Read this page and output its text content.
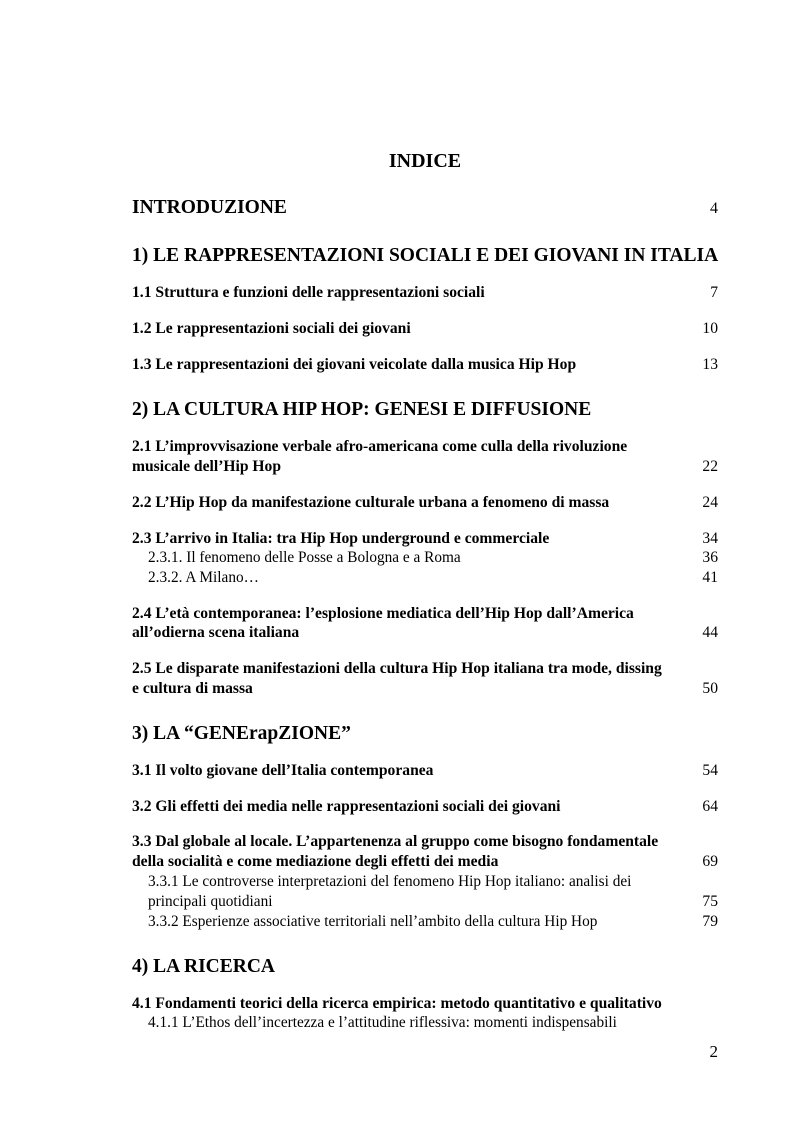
INDICE
INTRODUZIONE	4
1) LE RAPPRESENTAZIONI SOCIALI E DEI GIOVANI IN ITALIA
1.1 Struttura e funzioni delle rappresentazioni sociali	7
1.2 Le rappresentazioni sociali dei giovani	10
1.3 Le rappresentazioni dei giovani veicolate dalla musica Hip Hop	13
2) LA CULTURA HIP HOP: GENESI E DIFFUSIONE
2.1 L’improvvisazione verbale afro-americana come culla della rivoluzione
musicale dell’Hip Hop	22
2.2 L’Hip Hop da manifestazione culturale urbana a fenomeno di massa	24
2.3 L’arrivo in Italia: tra Hip Hop underground e commerciale	34
2.3.1. Il fenomeno delle Posse a Bologna e a Roma	36
2.3.2. A Milano…	41
2.4 L’età contemporanea: l’esplosione mediatica dell’Hip Hop dall’America
all’odierna scena italiana	44
2.5 Le disparate manifestazioni della cultura Hip Hop italiana tra mode, dissing
e cultura di massa	50
3) LA “GENErapZIONE”
3.1 Il volto giovane dell’Italia contemporanea	54
3.2 Gli effetti dei media nelle rappresentazioni sociali dei giovani	64
3.3 Dal globale al locale. L’appartenenza al gruppo come bisogno fondamentale
della socialità e come mediazione degli effetti dei media	69
3.3.1 Le controverse interpretazioni del fenomeno Hip Hop italiano: analisi dei
principali quotidiani	75
3.3.2 Esperienze associative territoriali nell’ambito della cultura Hip Hop	79
4) LA RICERCA
4.1 Fondamenti teorici della ricerca empirica: metodo quantitativo e qualitativo
4.1.1 L’Ethos dell’incertezza e l’attitudine riflessiva: momenti indispensabili
2
